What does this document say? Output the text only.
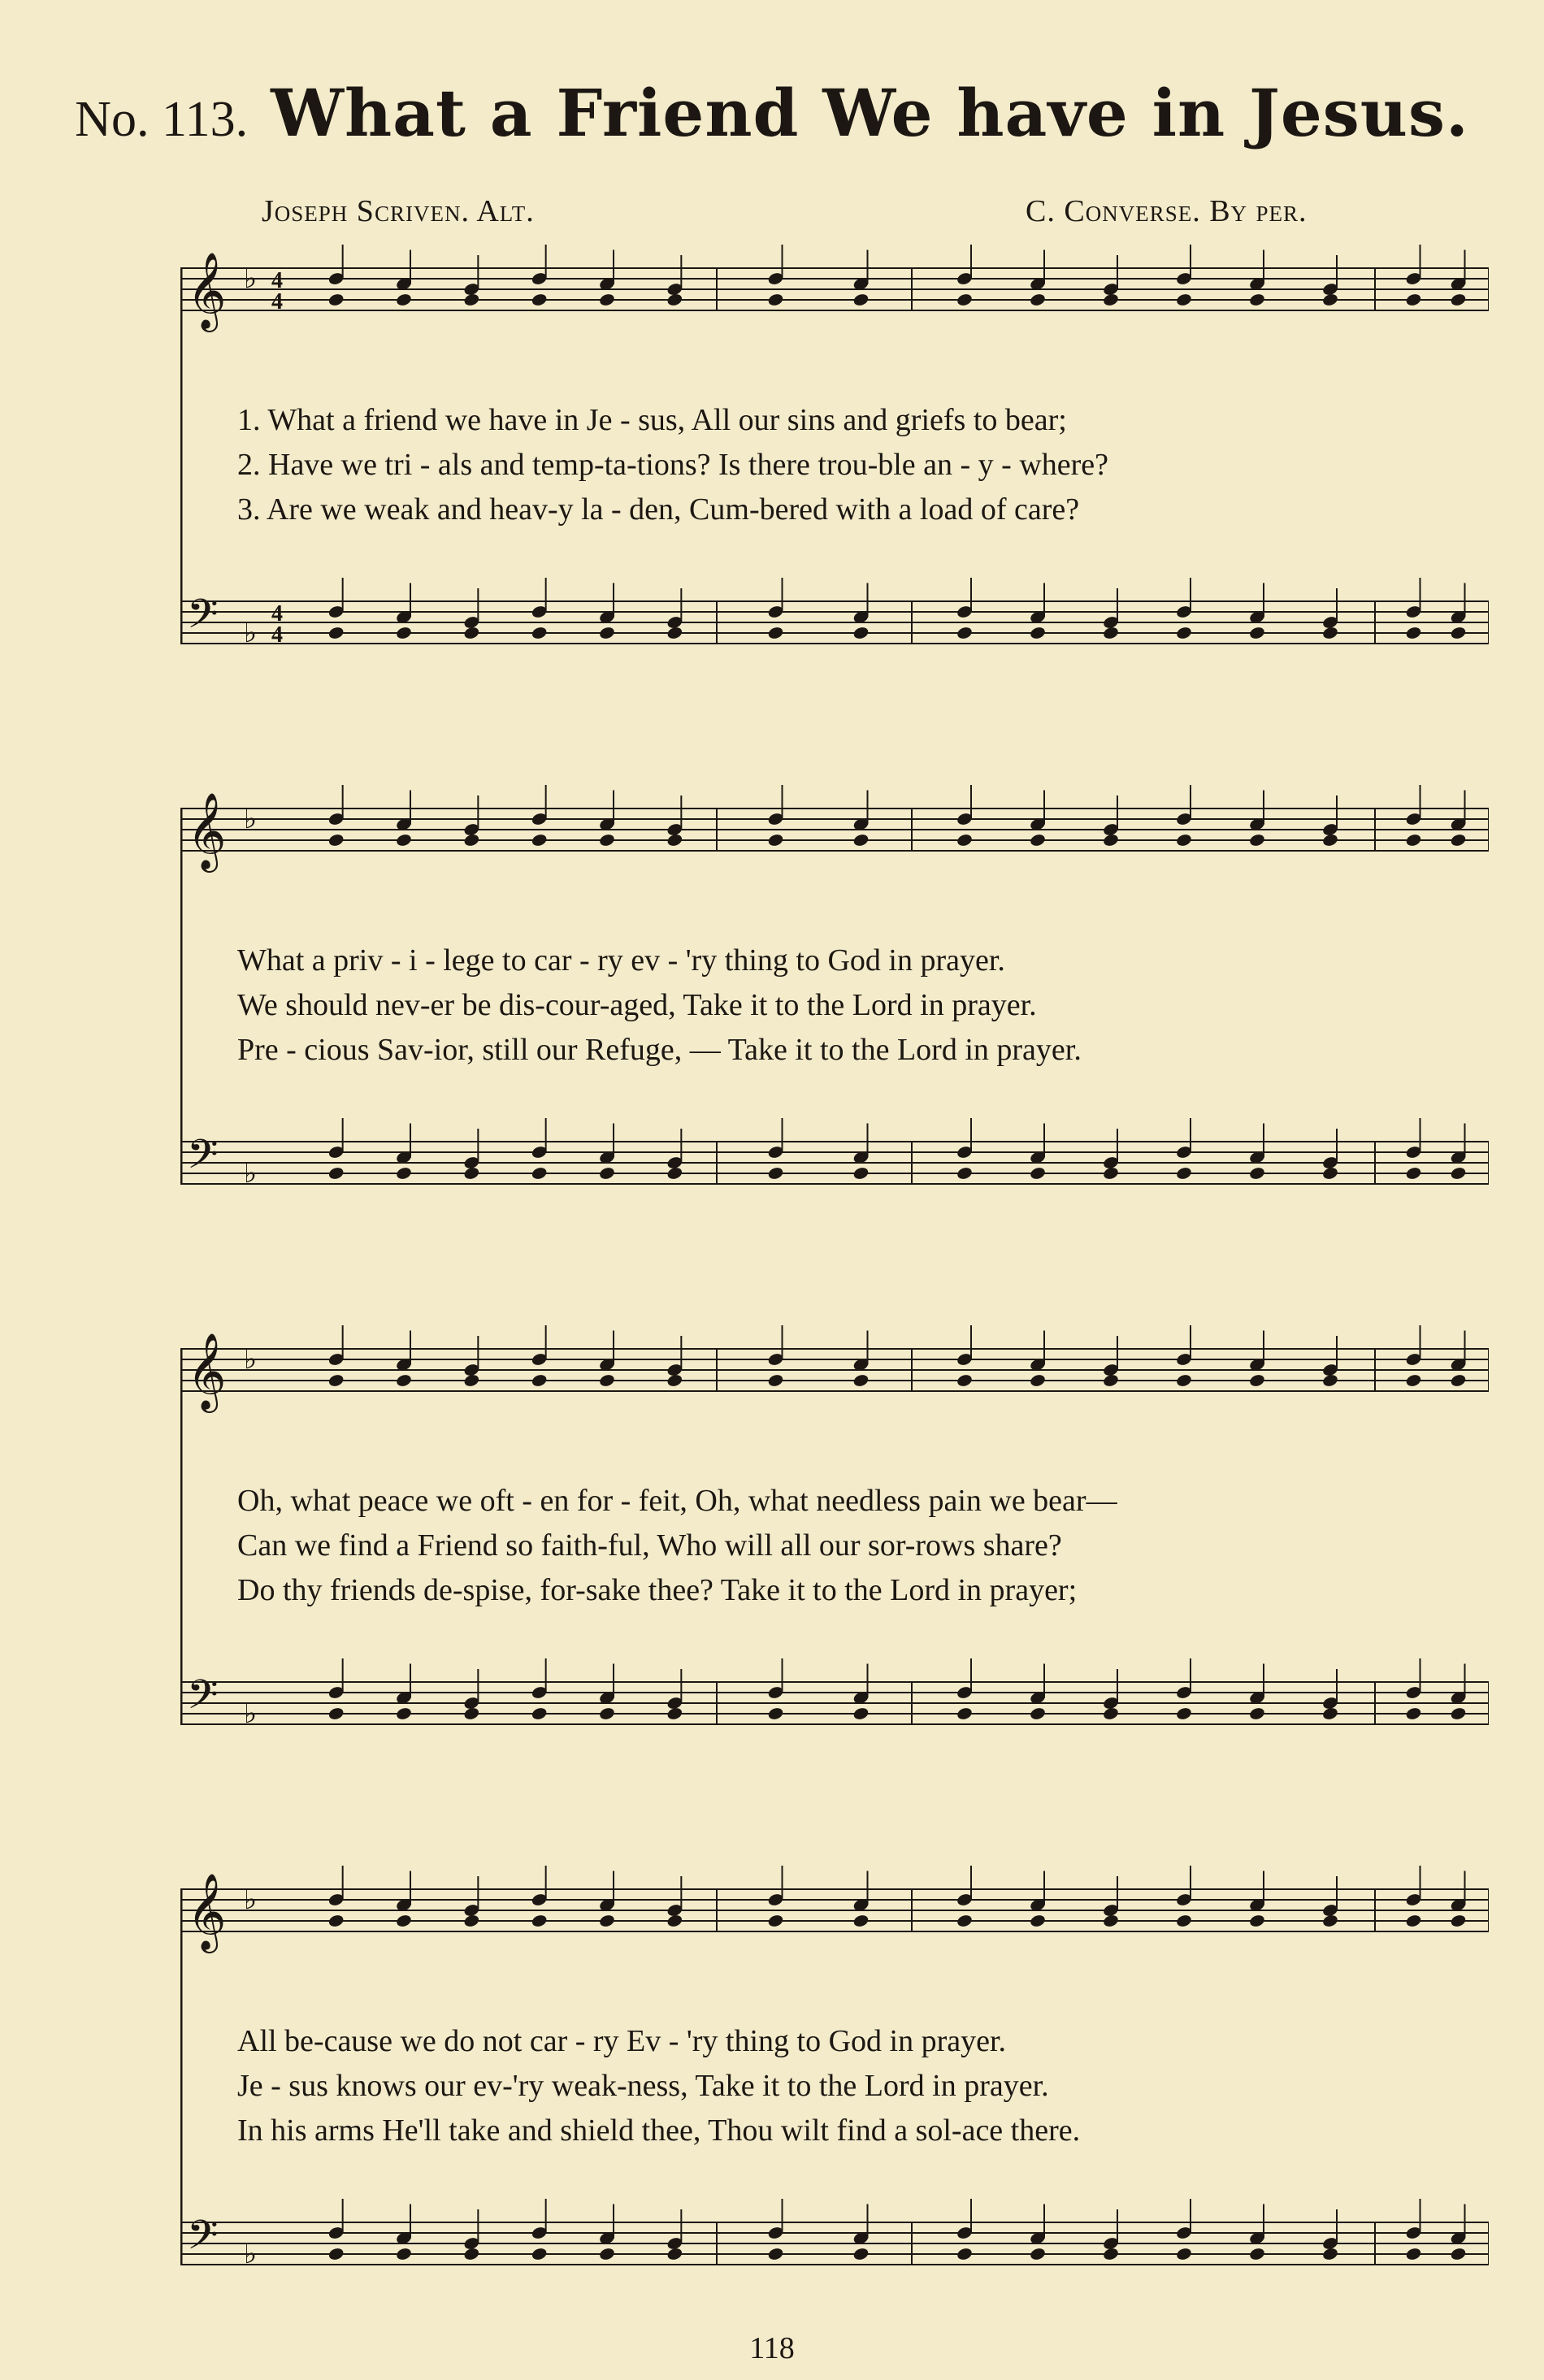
No. 113. What a Friend We have in Jesus.
Joseph Scriven. Alt.	C. Converse. By per.
𝄞 ♭ 4
4
𝄢 ♭
4
4
1. What a friend we have in Je - sus, All our sins and griefs to bear;
2. Have we tri - als and temp-ta-tions? Is there trou-ble an - y - where?
3. Are we weak and heav-y la - den, Cum-bered with a load of care?
𝄞 ♭
𝄢 ♭
What a priv - i - lege to car - ry ev - 'ry thing to God in prayer.
We should nev-er be dis-cour-aged, Take it to the Lord in prayer.
Pre - cious Sav-ior, still our Refuge, — Take it to the Lord in prayer.
𝄞 ♭
𝄢 ♭
Oh, what peace we oft - en for - feit, Oh, what needless pain we bear—
Can we find a Friend so faith-ful, Who will all our sor-rows share?
Do thy friends de-spise, for-sake thee? Take it to the Lord in prayer;
𝄞 ♭
𝄢 ♭
All be-cause we do not car - ry Ev - 'ry thing to God in prayer.
Je - sus knows our ev-'ry weak-ness, Take it to the Lord in prayer.
In his arms He'll take and shield thee, Thou wilt find a sol-ace there.
118
